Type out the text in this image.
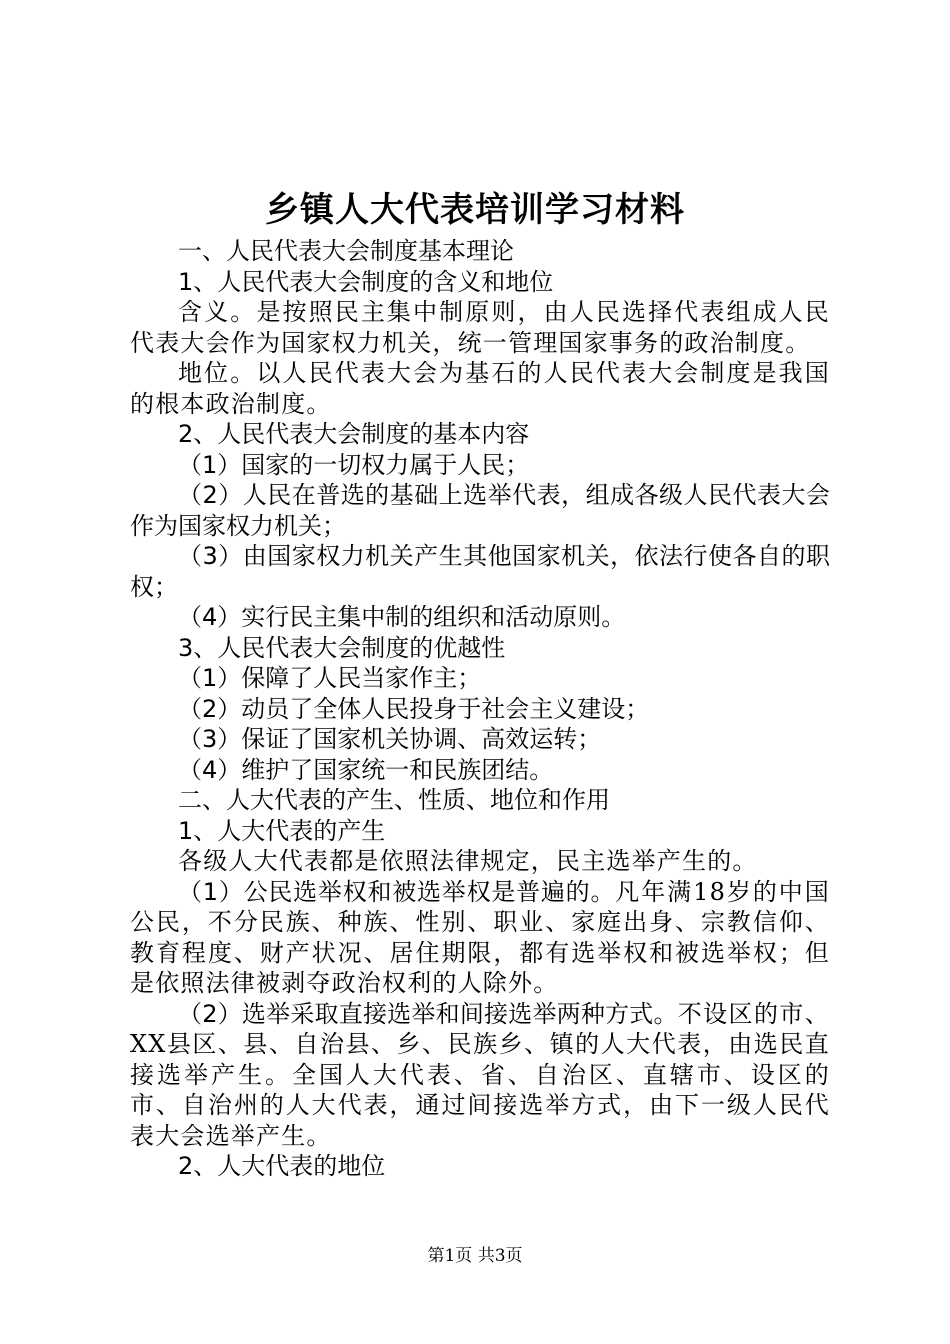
乡镇人大代表培训学习材料

一、人民代表大会制度基本理论

1、人民代表大会制度的含义和地位

含义。是按照民主集中制原则，由人民选择代表组成人民代表大会作为国家权力机关，统一管理国家事务的政治制度。

地位。以人民代表大会为基石的人民代表大会制度是我国的根本政治制度。

2、人民代表大会制度的基本内容

（1）国家的一切权力属于人民；

（2）人民在普选的基础上选举代表，组成各级人民代表大会作为国家权力机关；

（3）由国家权力机关产生其他国家机关，依法行使各自的职权；

（4）实行民主集中制的组织和活动原则。

3、人民代表大会制度的优越性

（1）保障了人民当家作主；

（2）动员了全体人民投身于社会主义建设；

（3）保证了国家机关协调、高效运转；

（4）维护了国家统一和民族团结。

二、人大代表的产生、性质、地位和作用

1、人大代表的产生

各级人大代表都是依照法律规定，民主选举产生的。

（1）公民选举权和被选举权是普遍的。凡年满18岁的中国公民，不分民族、种族、性别、职业、家庭出身、宗教信仰、教育程度、财产状况、居住期限，都有选举权和被选举权；但是依照法律被剥夺政治权利的人除外。

（2）选举采取直接选举和间接选举两种方式。不设区的市、XX县区、县、自治县、乡、民族乡、镇的人大代表，由选民直接选举产生。全国人大代表、省、自治区、直辖市、设区的市、自治州的人大代表，通过间接选举方式，由下一级人民代表大会选举产生。

2、人大代表的地位

第1页 共3页
